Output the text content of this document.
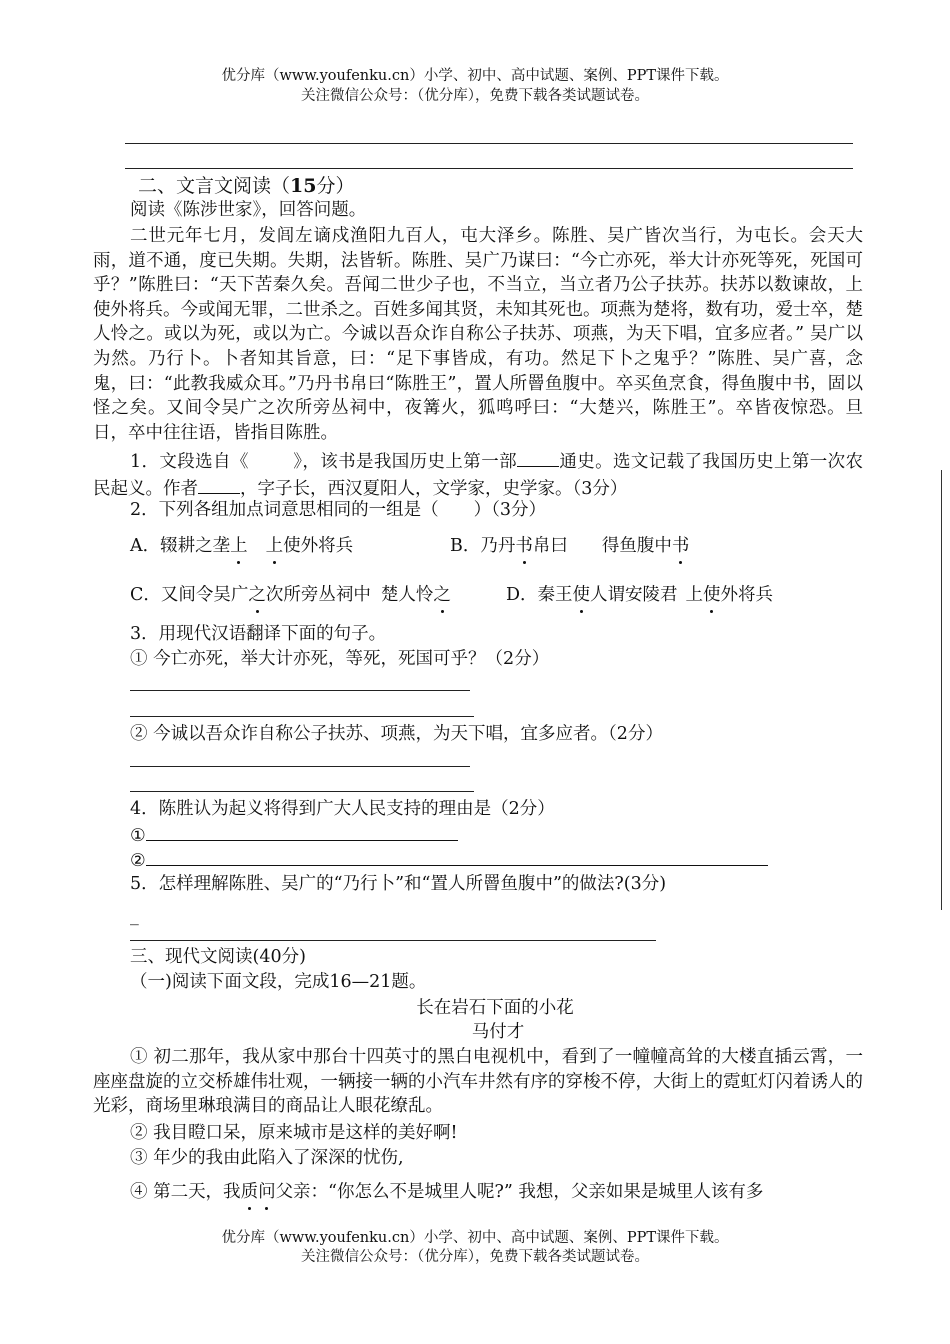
优分库（www.youfenku.cn）小学、初中、高中试题、案例、PPT课件下载。
关注微信公众号：（优分库），免费下载各类试题试卷。
二、文言文阅读（15分）
阅读《陈涉世家》，回答问题。

二世元年七月，发闾左谪戍渔阳九百人，屯大泽乡。陈胜、吴广皆次当行，为屯长。会天大雨，道不通，度已失期。失期，法皆斩。陈胜、吴广乃谋曰：“今亡亦死，举大计亦死等死，死国可乎？”陈胜曰：“天下苦秦久矣。吾闻二世少子也，不当立，当立者乃公子扶苏。扶苏以数谏故，上使外将兵。今或闻无罪，二世杀之。百姓多闻其贤，未知其死也。项燕为楚将，数有功，爱士卒，楚人怜之。或以为死，或以为亡。今诚以吾众诈自称公子扶苏、项燕，为天下唱，宜多应者。” 吴广以为然。乃行卜。卜者知其旨意，曰：“足下事皆成，有功。然足下卜之鬼乎？”陈胜、吴广喜，念鬼，曰：“此教我威众耳。”乃丹书帛曰“陈胜王”，置人所罾鱼腹中。卒买鱼烹食，得鱼腹中书，固以怪之矣。又间令吴广之次所旁丛祠中，夜篝火，狐鸣呼曰：“大楚兴，陈胜王”。卒皆夜惊恐。旦日，卒中往往语，皆指目陈胜。

1．文段选自《	》，该书是我国历史上第一部 通史。选文记载了我国历史上第一次农民起义。作者 ，字子长，西汉夏阳人，文学家，史学家。（3分）

2．下列各组加点词意思相同的一组是（　　）（3分）
A．辍耕之垄上 上使外将兵	B．乃丹书帛曰 得鱼腹中书
C．又间令吴广之次所旁丛祠中 楚人怜之	D．秦王使人谓安陵君 上使外将兵
3．用现代汉语翻译下面的句子。
① 今亡亦死，举大计亦死，等死，死国可乎？（2分）
② 今诚以吾众诈自称公子扶苏、项燕，为天下唱，宜多应者。（2分）
4．陈胜认为起义将得到广大人民支持的理由是（2分）
①
②
5．怎样理解陈胜、吴广的“乃行卜”和“置人所罾鱼腹中”的做法?(3分)
_
三、现代文阅读(40分)
（一)阅读下面文段，完成16—21题。
长在岩石下面的小花
马付才

① 初二那年，我从家中那台十四英寸的黑白电视机中，看到了一幢幢高耸的大楼直插云霄，一座座盘旋的立交桥雄伟壮观，一辆接一辆的小汽车井然有序的穿梭不停，大街上的霓虹灯闪着诱人的光彩，商场里琳琅满目的商品让人眼花缭乱。

② 我目瞪口呆，原来城市是这样的美好啊!
③ 年少的我由此陷入了深深的忧伤,
④ 第二天，我质问父亲：“你怎么不是城里人呢?” 我想，父亲如果是城里人该有多
优分库（www.youfenku.cn）小学、初中、高中试题、案例、PPT课件下载。
关注微信公众号：（优分库），免费下载各类试题试卷。
